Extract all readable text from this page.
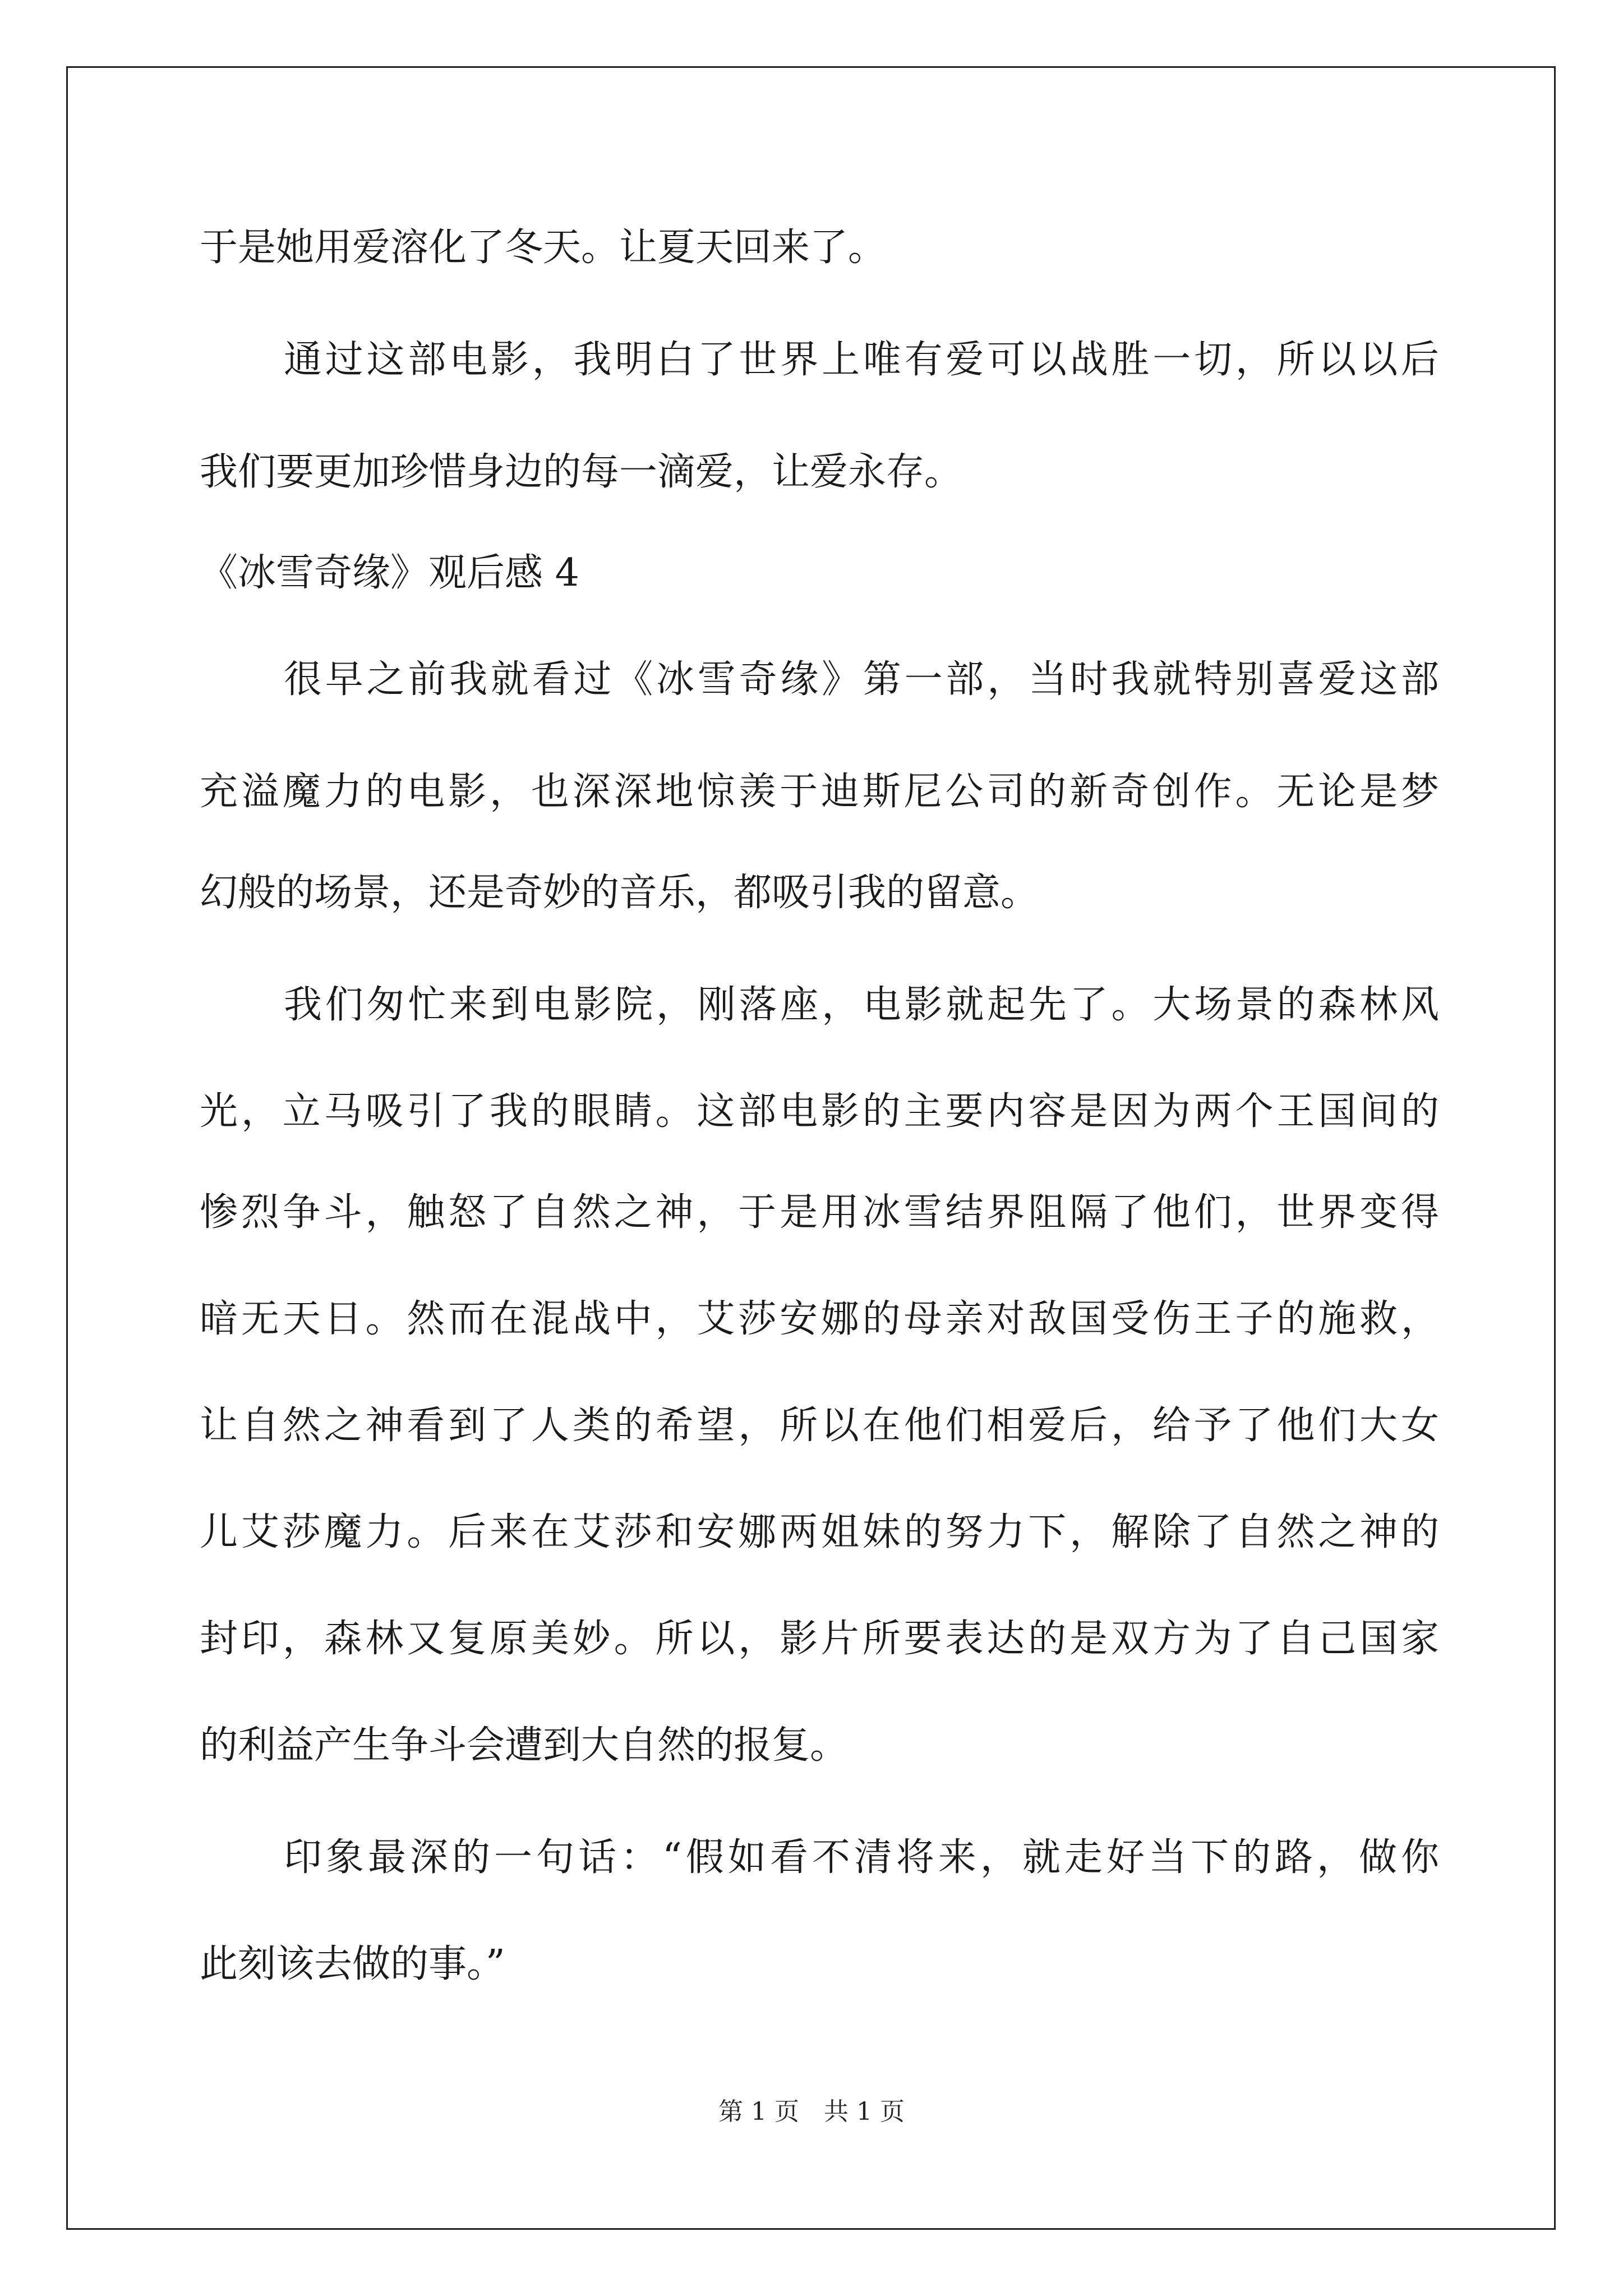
于是她用爱溶化了冬天。让夏天回来了。
通过这部电影，我明白了世界上唯有爱可以战胜一切，所以以后
我们要更加珍惜身边的每一滴爱，让爱永存。
《冰雪奇缘》观后感 4
很早之前我就看过《冰雪奇缘》第一部，当时我就特别喜爱这部
充溢魔力的电影，也深深地惊羡于迪斯尼公司的新奇创作。无论是梦
幻般的场景，还是奇妙的音乐，都吸引我的留意。
我们匆忙来到电影院，刚落座，电影就起先了。大场景的森林风
光，立马吸引了我的眼睛。这部电影的主要内容是因为两个王国间的
惨烈争斗，触怒了自然之神，于是用冰雪结界阻隔了他们，世界变得
暗无天日。然而在混战中，艾莎安娜的母亲对敌国受伤王子的施救，
让自然之神看到了人类的希望，所以在他们相爱后，给予了他们大女
儿艾莎魔力。后来在艾莎和安娜两姐妹的努力下，解除了自然之神的
封印，森林又复原美妙。所以，影片所要表达的是双方为了自己国家
的利益产生争斗会遭到大自然的报复。
印象最深的一句话：“假如看不清将来，就走好当下的路，做你
此刻该去做的事。”
第 1 页　共 1 页
